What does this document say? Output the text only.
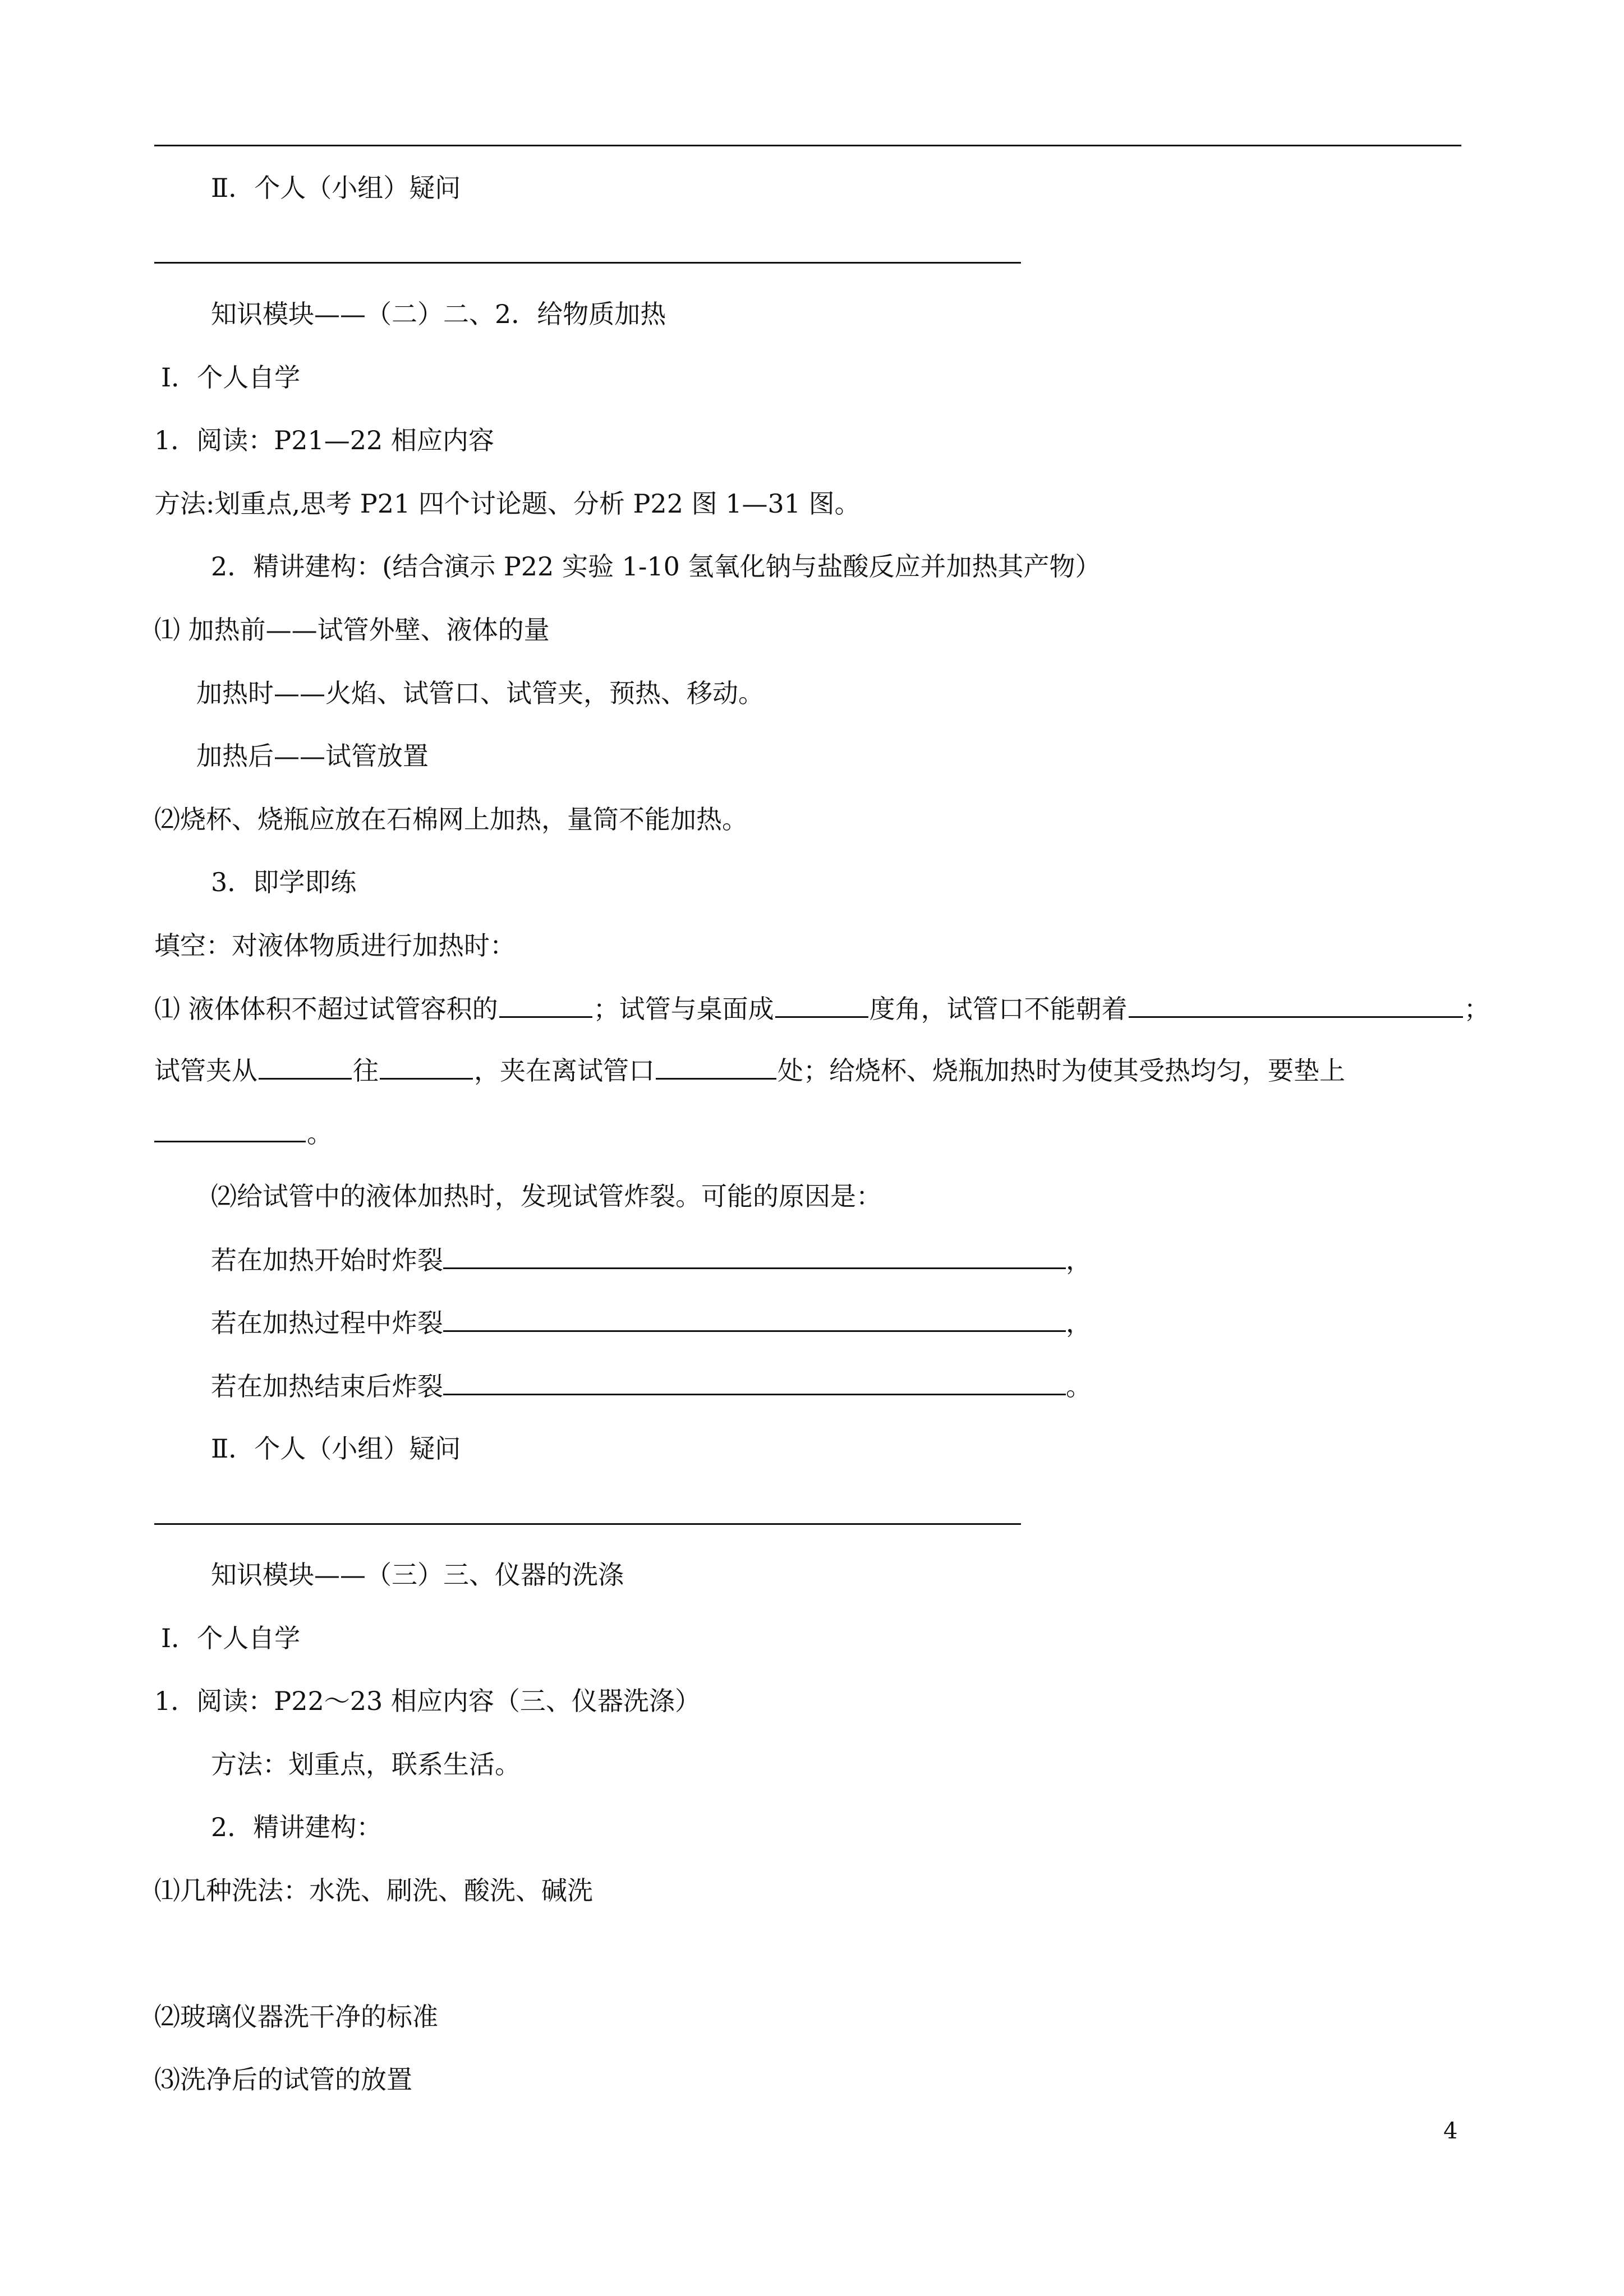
Ⅱ．个人（小组）疑问
知识模块——（二）二、2．给物质加热
Ⅰ．个人自学
1．阅读：P21—22 相应内容
方法:划重点,思考 P21 四个讨论题、分析 P22 图 1—31 图。
2．精讲建构：(结合演示 P22 实验 1-10 氢氧化钠与盐酸反应并加热其产物）
⑴ 加热前——试管外壁、液体的量
加热时——火焰、试管口、试管夹，预热、移动。
加热后——试管放置
⑵烧杯、烧瓶应放在石棉网上加热，量筒不能加热。
3．即学即练
填空：对液体物质进行加热时：
⑴ 液体体积不超过试管容积的	；试管与桌面成	度角，试管口不能朝着	；
试管夹从	往	，夹在离试管口	处；给烧杯、烧瓶加热时为使其受热均匀，要垫上
。
⑵给试管中的液体加热时，发现试管炸裂。可能的原因是：
若在加热开始时炸裂	，
若在加热过程中炸裂	，
若在加热结束后炸裂	。
Ⅱ．个人（小组）疑问
知识模块——（三）三、仪器的洗涤
Ⅰ．个人自学
1．阅读：P22～23 相应内容（三、仪器洗涤）
方法：划重点，联系生活。
2．精讲建构：
⑴几种洗法：水洗、刷洗、酸洗、碱洗
⑵玻璃仪器洗干净的标准
⑶洗净后的试管的放置
4
